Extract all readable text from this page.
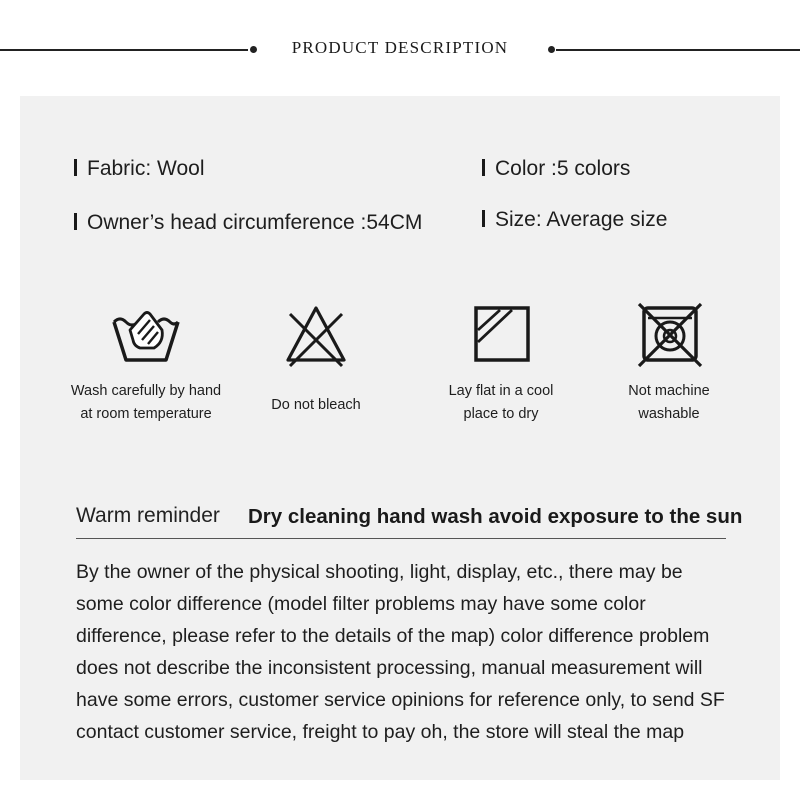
PRODUCT DESCRIPTION
Fabric: Wool
Owner’s head circumference :54CM
Color :5 colors
Size: Average size
Wash carefully by hand
at room temperature
Do not bleach
Lay flat in a cool
place to dry
Not machine
washable
Warm reminder Dry cleaning hand wash avoid exposure to the sun
By the owner of the physical shooting, light, display, etc., there may be
some color difference (model filter problems may have some color
difference, please refer to the details of the map) color difference problem
does not describe the inconsistent processing, manual measurement will
have some errors, customer service opinions for reference only, to send SF
contact customer service, freight to pay oh, the store will steal the map
